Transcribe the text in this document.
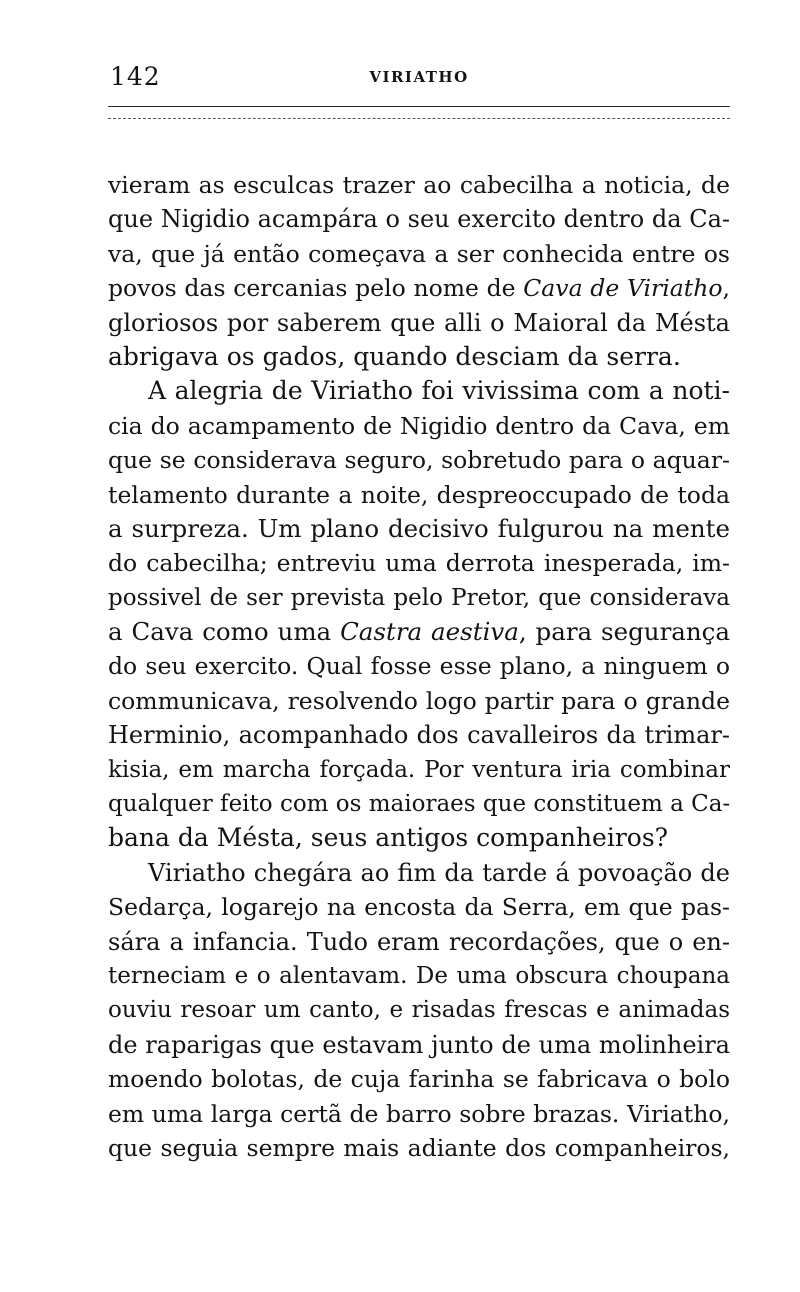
142	VIRIATHO
vieram as esculcas trazer ao cabecilha a noticia, de
que Nigidio acampára o seu exercito dentro da Ca-
va, que já então começava a ser conhecida entre os
povos das cercanias pelo nome de Cava de Viriatho,
gloriosos por saberem que alli o Maioral da Mésta
abrigava os gados, quando desciam da serra.
A alegria de Viriatho foi vivissima com a noti-
cia do acampamento de Nigidio dentro da Cava, em
que se considerava seguro, sobretudo para o aquar-
telamento durante a noite, despreoccupado de toda
a surpreza. Um plano decisivo fulgurou na mente
do cabecilha; entreviu uma derrota inesperada, im-
possivel de ser prevista pelo Pretor, que considerava
a Cava como uma Castra aestiva, para segurança
do seu exercito. Qual fosse esse plano, a ninguem o
communicava, resolvendo logo partir para o grande
Herminio, acompanhado dos cavalleiros da trimar-
kisia, em marcha forçada. Por ventura iria combinar
qualquer feito com os maioraes que constituem a Ca-
bana da Mésta, seus antigos companheiros?
Viriatho chegára ao fim da tarde á povoação de
Sedarça, logarejo na encosta da Serra, em que pas-
sára a infancia. Tudo eram recordações, que o en-
terneciam e o alentavam. De uma obscura choupana
ouviu resoar um canto, e risadas frescas e animadas
de raparigas que estavam junto de uma molinheira
moendo bolotas, de cuja farinha se fabricava o bolo
em uma larga certã de barro sobre brazas. Viriatho,
que seguia sempre mais adiante dos companheiros,
